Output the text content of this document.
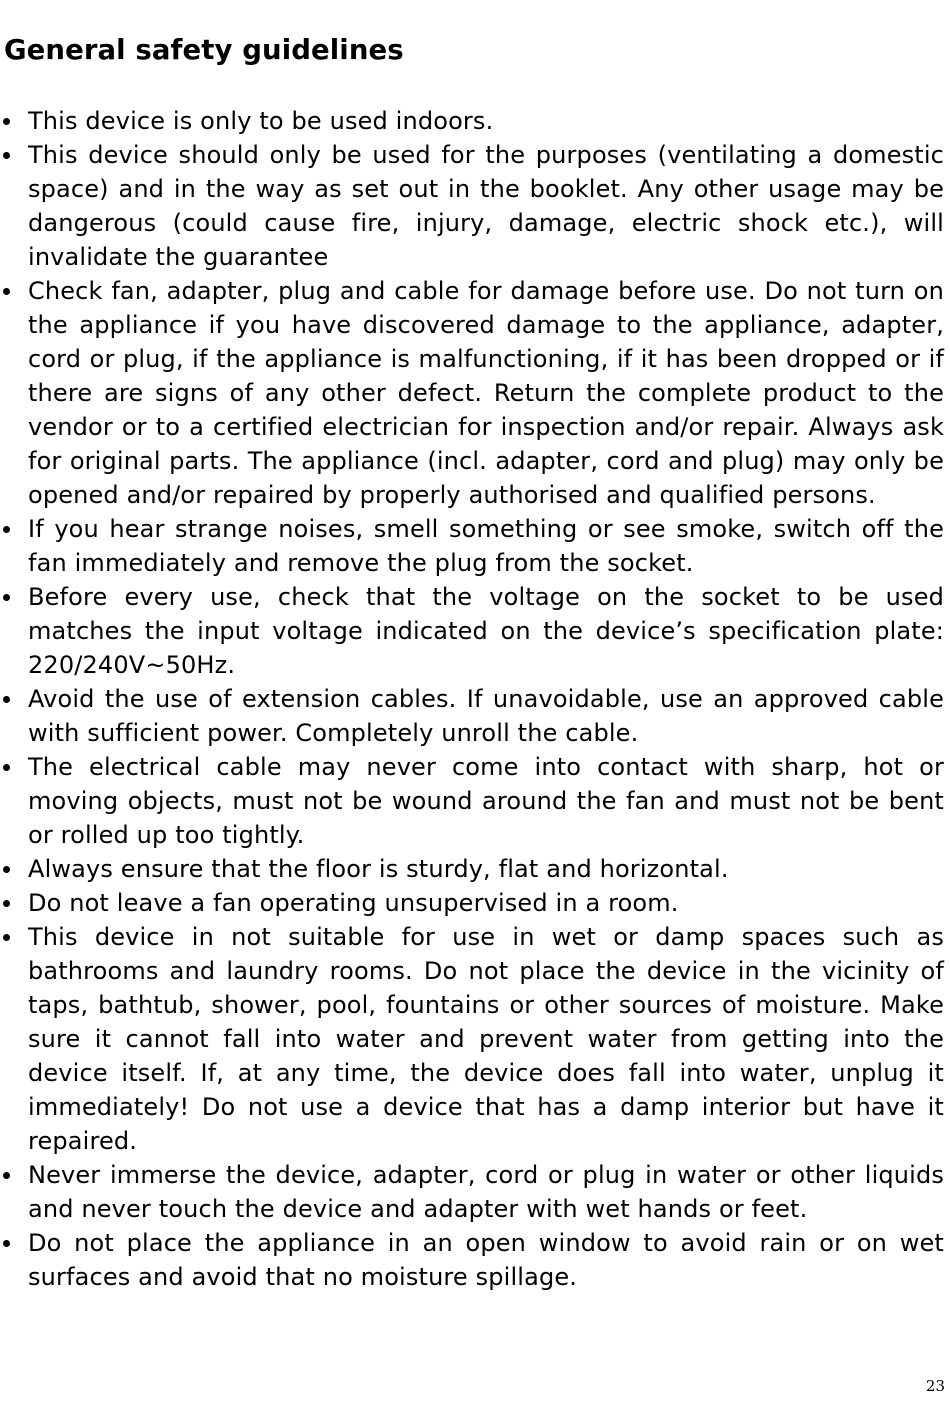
General safety guidelines
This device is only to be used indoors.
This device should only be used for the purposes (ventilating a domestic space) and in the way as set out in the booklet. Any other usage may be dangerous (could cause fire, injury, damage, electric shock etc.), will invalidate the guarantee
Check fan, adapter, plug and cable for damage before use. Do not turn on the appliance if you have discovered damage to the appliance, adapter, cord or plug, if the appliance is malfunctioning, if it has been dropped or if there are signs of any other defect. Return the complete product to the vendor or to a certified electrician for inspection and/or repair. Always ask for original parts. The appliance (incl. adapter, cord and plug) may only be opened and/or repaired by properly authorised and qualified persons.
If you hear strange noises, smell something or see smoke, switch off the fan immediately and remove the plug from the socket.
Before every use, check that the voltage on the socket to be used matches the input voltage indicated on the device’s specification plate: 220/240V~50Hz.
Avoid the use of extension cables. If unavoidable, use an approved cable with sufficient power. Completely unroll the cable.
The electrical cable may never come into contact with sharp, hot or moving objects, must not be wound around the fan and must not be bent or rolled up too tightly.
Always ensure that the floor is sturdy, flat and horizontal.
Do not leave a fan operating unsupervised in a room.
This device in not suitable for use in wet or damp spaces such as bathrooms and laundry rooms. Do not place the device in the vicinity of taps, bathtub, shower, pool, fountains or other sources of moisture. Make sure it cannot fall into water and prevent water from getting into the device itself. If, at any time, the device does fall into water, unplug it immediately! Do not use a device that has a damp interior but have it repaired.
Never immerse the device, adapter, cord or plug in water or other liquids and never touch the device and adapter with wet hands or feet.
Do not place the appliance in an open window to avoid rain or on wet surfaces and avoid that no moisture spillage.
23
